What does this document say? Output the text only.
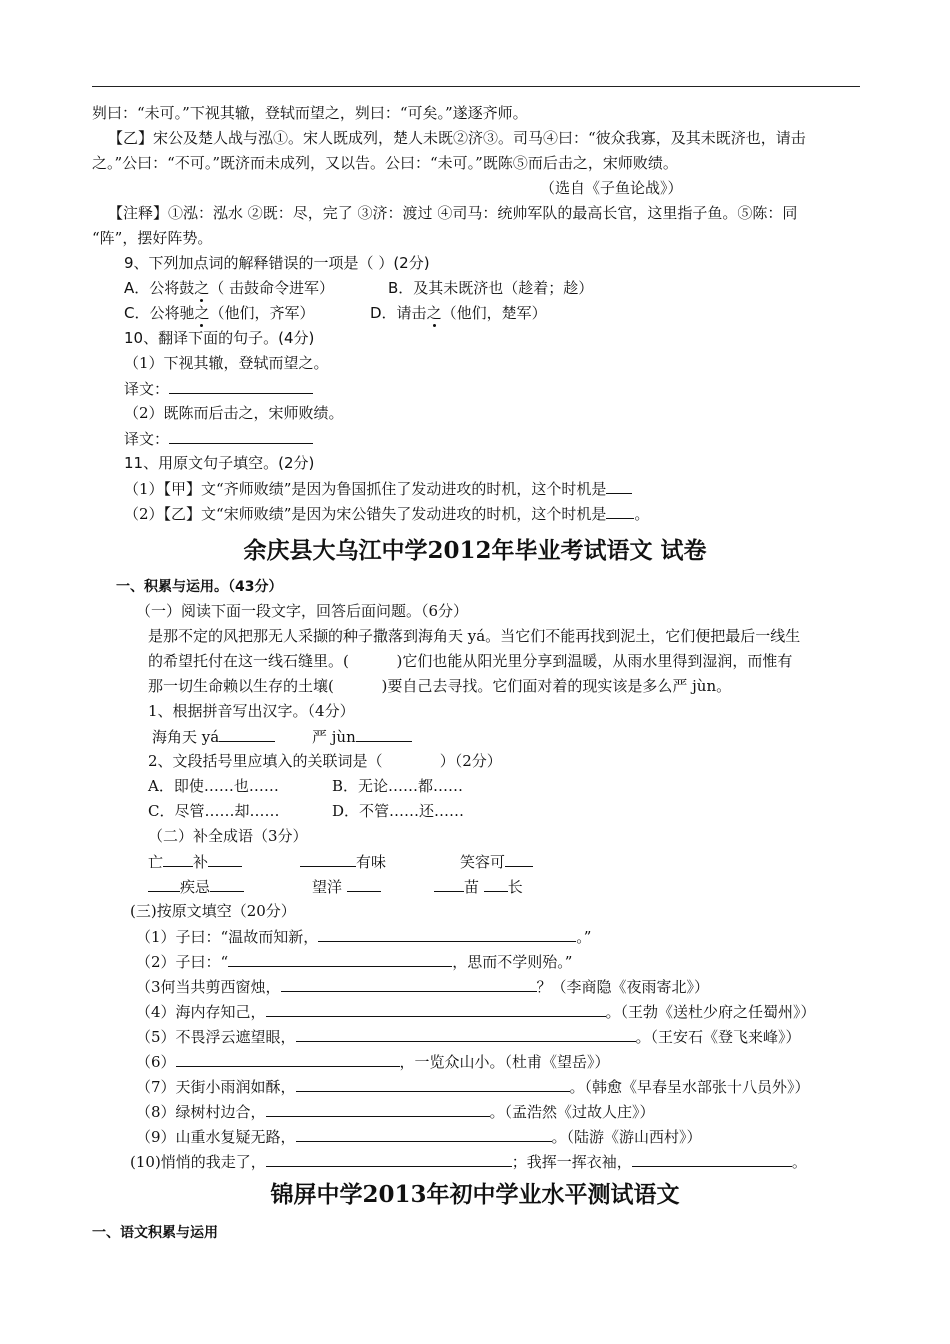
刿曰：“未可。”下视其辙，登轼而望之，刿曰：“可矣。”遂逐齐师。
【乙】宋公及楚人战与泓①。宋人既成列，楚人未既②济③。司马④曰：“彼众我寡，及其未既济也，请击
之。”公曰：“不可。”既济而未成列，又以告。公曰：“未可。”既陈⑤而后击之，宋师败绩。
（选自《子鱼论战》）
【注释】①泓：泓水 ②既：尽，完了 ③济：渡过 ④司马：统帅军队的最高长官，这里指子鱼。⑤陈：同
“阵”，摆好阵势。
9、下列加点词的解释错误的一项是（ ）(2分)
A．公将鼓之（ 击鼓命令进军）	B．及其未既济也（趁着；趁）
C．公将驰之（他们，齐军）	D．请击之（他们，楚军）
10、翻译下面的句子。(4分)
（1）下视其辙，登轼而望之。
译文：
（2）既陈而后击之，宋师败绩。
译文：
11、用原文句子填空。(2分)
（1）【甲】文“齐师败绩”是因为鲁国抓住了发动进攻的时机，这个时机是
（2）【乙】文“宋师败绩”是因为宋公错失了发动进攻的时机，这个时机是 。
余庆县大乌江中学2012年毕业考试语文 试卷
一、积累与运用。（43分）
（一）阅读下面一段文字，回答后面问题。（6分）
是那不定的风把那无人采撷的种子撒落到海角天 yá。当它们不能再找到泥土，它们便把最后一线生
的希望托付在这一线石缝里。(          )它们也能从阳光里分享到温暖，从雨水里得到湿润，而惟有
那一切生命赖以生存的土壤(          )要自己去寻找。它们面对着的现实该是多么严 jùn。
1、根据拼音写出汉字。（4分）
海角天 yá	严 jùn
2、文段括号里应填入的关联词是（            ）（2分）
A．即使……也……	B．无论……都……
C．尽管……却……	D．不管……还……
（二）补全成语（3分）
亡 补	有味	笑容可
疾忌	望洋	苗 长
(三)按原文填空（20分）
（1）子曰：“温故而知新，	。”
（2）子曰：“	，思而不学则殆。”
（3何当共剪西窗烛，	？（李商隐《夜雨寄北》）
（4）海内存知己，	。（王勃《送杜少府之任蜀州》）
（5）不畏浮云遮望眼，	。（王安石《登飞来峰》）
（6）	，一览众山小。（杜甫《望岳》）
（7）天街小雨润如酥，	。（韩愈《早春呈水部张十八员外》）
（8）绿树村边合，	。（孟浩然《过故人庄》）
（9）山重水复疑无路，	。（陆游《游山西村》）
(10)悄悄的我走了，	；我挥一挥衣袖，	。
锦屏中学2013年初中学业水平测试语文
一、语文积累与运用
